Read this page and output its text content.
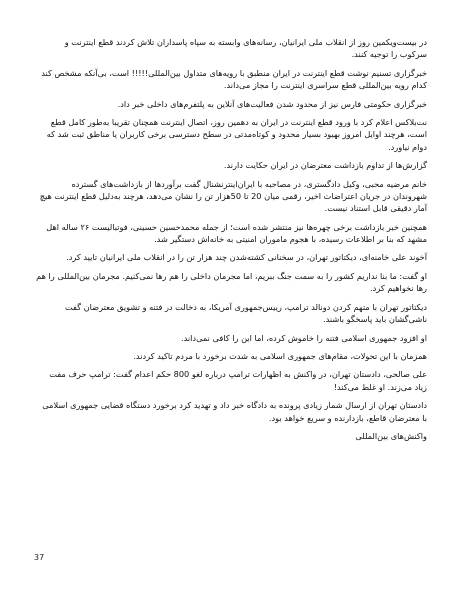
در بیست‌ویکمین روز از انقلاب ملی ایرانیان، رسانه‌های وابسته به سپاه پاسداران تلاش کردند قطع اینترنت و سرکوب را توجیه کنند.

خبرگزاری تسنیم نوشت قطع اینترنت در ایران منطبق با رویه‌های متداول بین‌المللی!!!!! است، بی‌آنکه مشخص کند کدام رویه بین‌المللی قطع سراسری اینترنت را مجاز می‌داند.

خبرگزاری حکومتی فارس نیز از محدود شدن فعالیت‌های آنلاین به پلتفرم‌های داخلی خبر داد.

نت‌بلاکس اعلام کرد با ورود قطع اینترنت در ایران به دهمین روز، اتصال اینترنت همچنان تقریبا به‌طور کامل قطع است، هرچند اوایل امروز بهبود بسیار محدود و کوتاه‌مدتی در سطح دسترسی برخی کاربران یا مناطق ثبت شد که دوام نیاورد.

گزارش‌ها از تداوم بازداشت معترضان در ایران حکایت دارند.

خانم مرضیه محبی، وکیل دادگستری، در مصاحبه با ایران‌اینترنشنال گفت برآوردها از بازداشت‌های گسترده شهروندان در جریان اعتراضات اخیر، رقمی میان 20 تا 50هزار تن را نشان می‌دهد، هرچند به‌دلیل قطع اینترنت هیچ آمار دقیقی قابل استناد نیست.

همچنین خبر بازداشت برخی چهره‌ها نیز منتشر شده است؛ از جمله محمدحسین حسینی، فوتبالیست ۲۶ ساله اهل مشهد که بنا بر اطلاعات رسیده، با هجوم ماموران امنیتی به خانه‌اش دستگیر شد.

آخوند علی خامنه‌ای، دیکتاتور تهران، در سخنانی کشته‌شدن چند هزار تن را در انقلاب ملی ایرانیان تایید کرد.

او گفت: ما بنا نداریم کشور را به سمت جنگ ببریم، اما مجرمان داخلی را هم رها نمی‌کنیم. مجرمان بین‌المللی را هم رها نخواهیم کرد.

دیکتاتور تهران با متهم کردن دونالد ترامپ، رییس‌جمهوری آمریکا، به دخالت در فتنه و تشویق معترضان گفت ناشی‌گشان باید پاسخگو باشند.

او افزود جمهوری اسلامی فتنه را خاموش کرده، اما این را کافی نمی‌داند.

همزمان با این تحولات، مقام‌های جمهوری اسلامی به شدت برخورد با مردم تاکید کردند.

علی صالحی، دادستان تهران، در واکنش به اظهارات ترامپ درباره لغو 800 حکم اعدام گفت: ترامپ حرف مفت زیاد می‌زند. او غلط می‌کند!

دادستان تهران از ارسال شمار زیادی پرونده به دادگاه خبر داد و تهدید کرد برخورد دستگاه قضایی جمهوری اسلامی با معترضان قاطع، بازدارنده و سریع خواهد بود.

واکنش‌های بین‌المللی

37
